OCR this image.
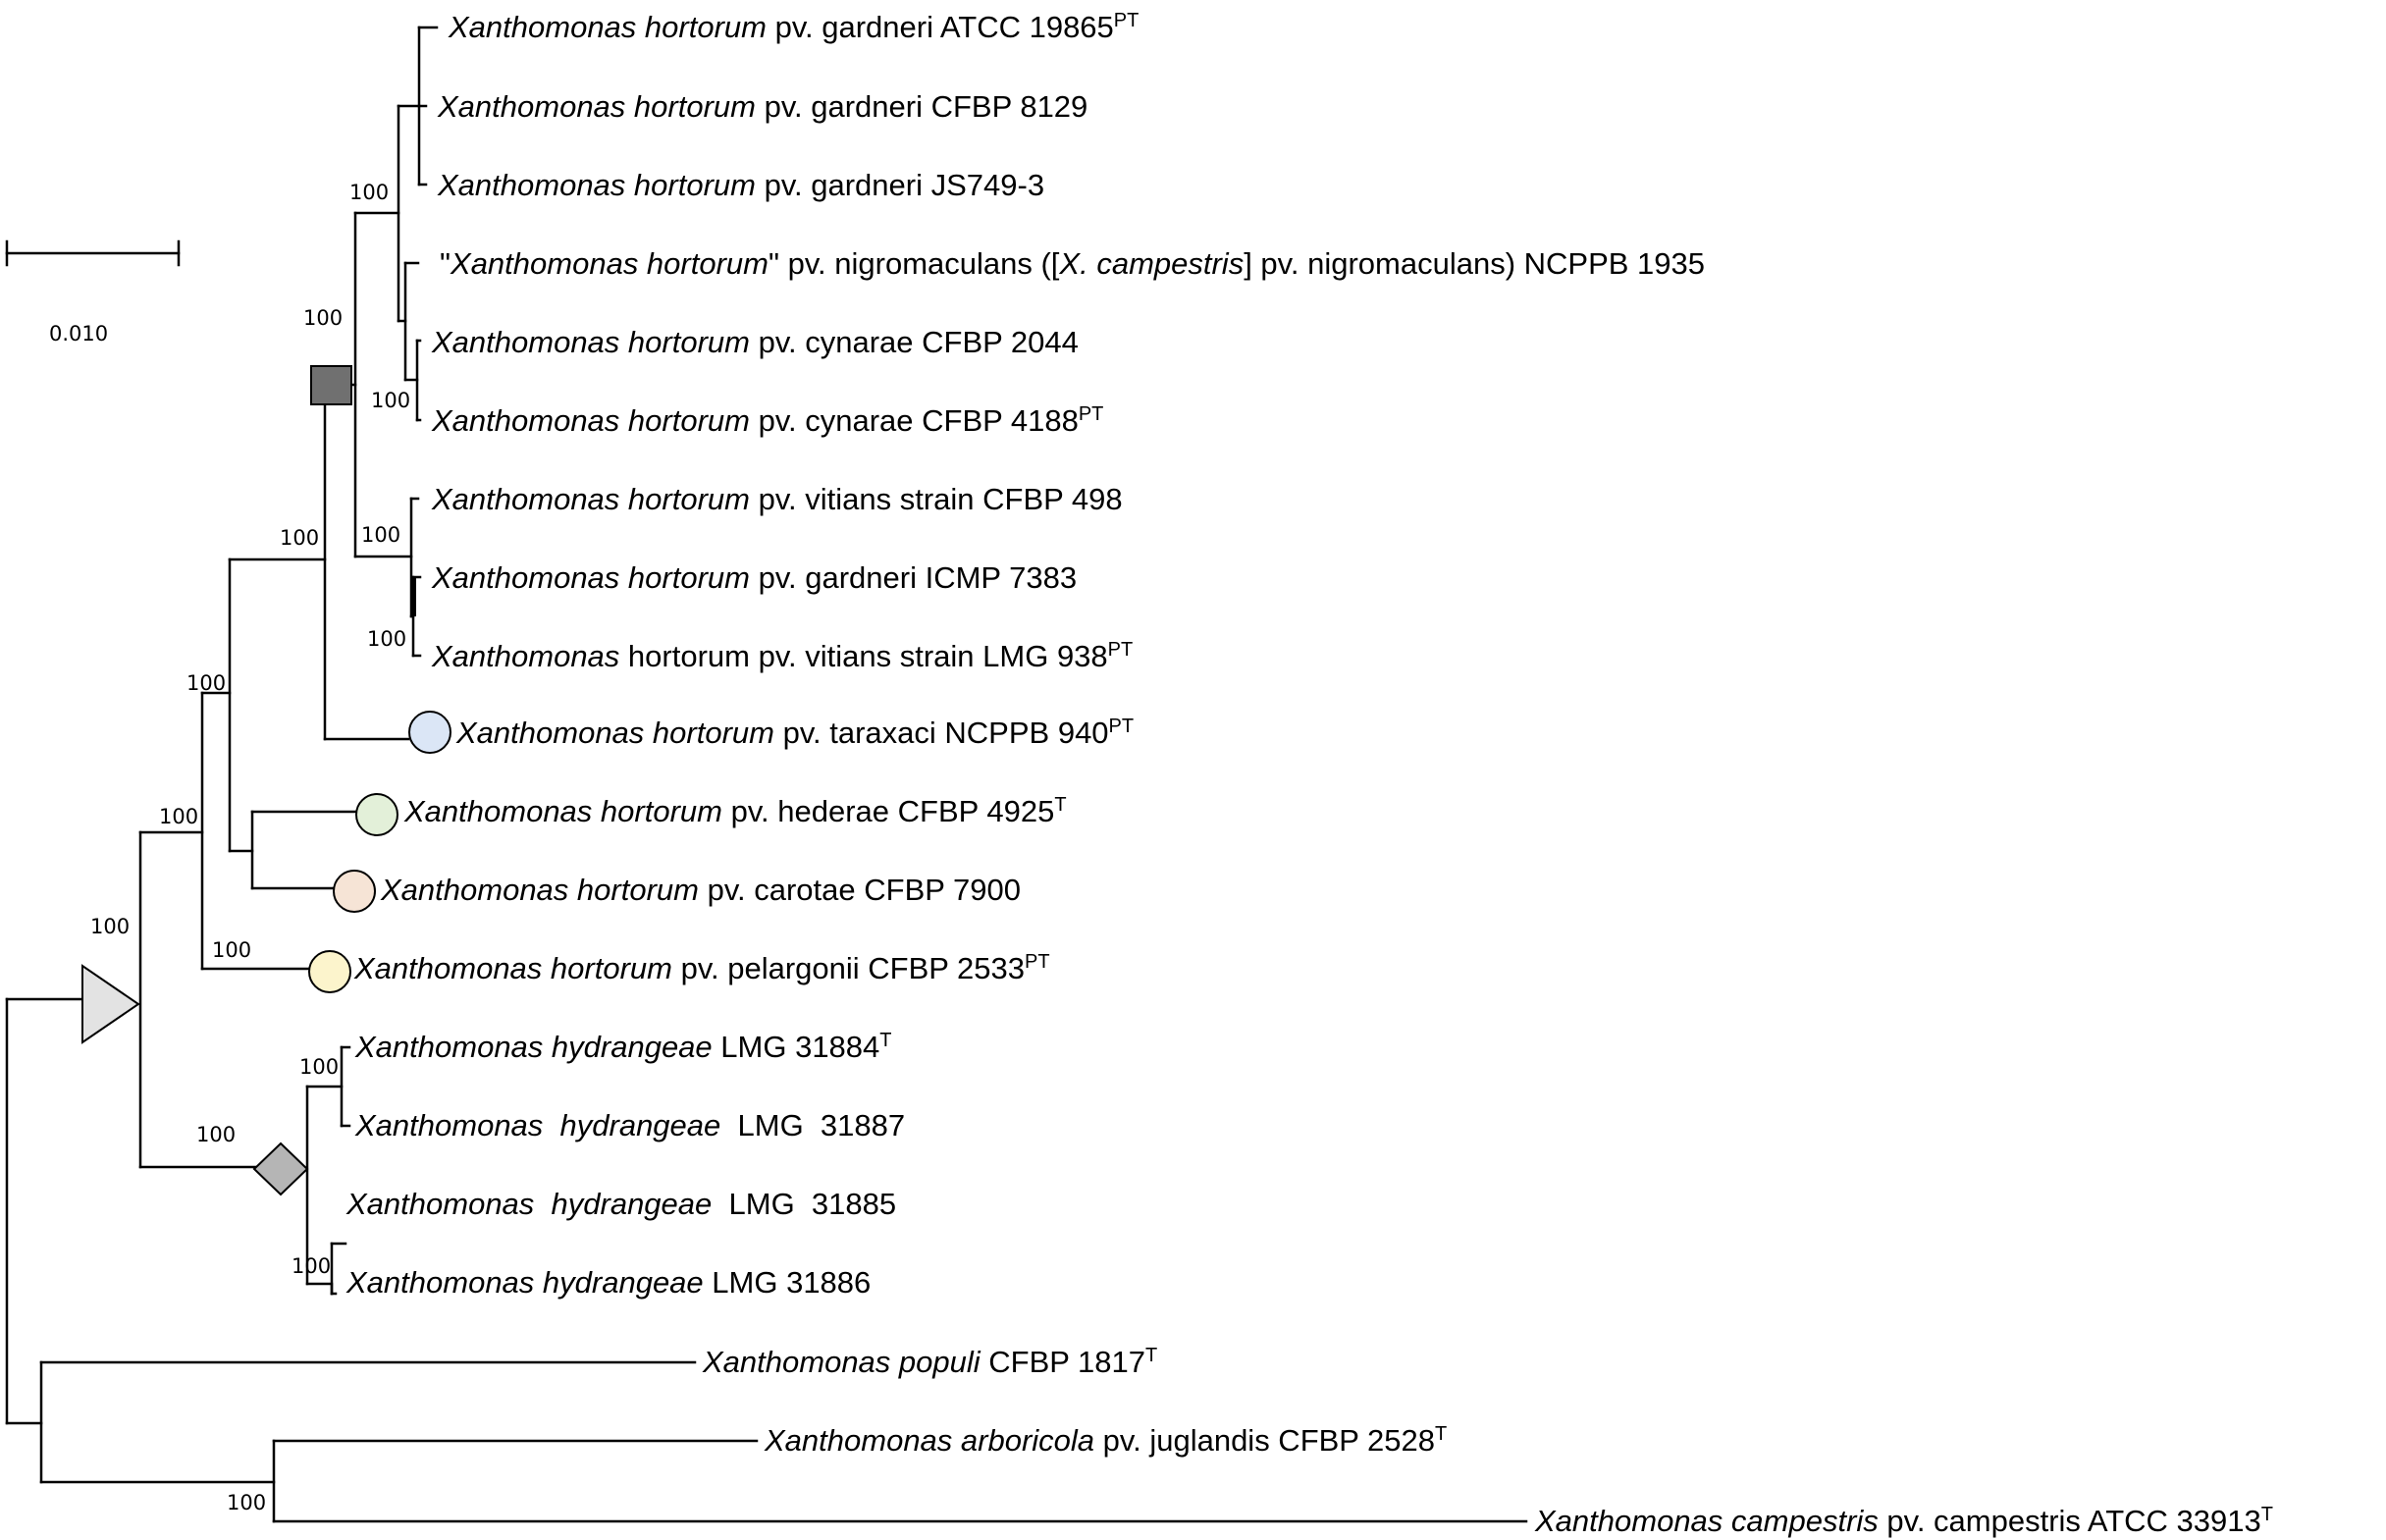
0.010
100
100
100
100
100
100
100
100
100
100
100
100
100
100
Xanthomonas hortorum pv. gardneri ATCC $19865^{PT}$
Xanthomonas hortorum pv. gardneri CFBP 8129
Xanthomonas hortorum pv. gardneri JS749-3
"Xanthomonas hortorum" pv. nigromaculans ([X. campestris] pv. nigromaculans) NCPPB 1935
Xanthomonas hortorum pv. cynarae CFBP 2044
Xanthomonas hortorum pv. cynarae CFBP $4188^{PT}$
Xanthomonas hortorum pv. vitians strain CFBP 498
Xanthomonas hortorum pv. gardneri ICMP 7383
Xanthomonas hortorum pv. vitians strain LMG $938^{PT}$
Xanthomonas hortorum pv. taraxaci NCPPB $940^{PT}$
Xanthomonas hortorum pv. hederae CFBP $4925^T$
Xanthomonas hortorum pv. carotae CFBP 7900
Xanthomonas hortorum pv. pelargonii CFBP $2533^{PT}$
Xanthomonas hydrangeae LMG $31884^T$
Xanthomonas  hydrangeae  LMG  31887
Xanthomonas  hydrangeae  LMG  31885
Xanthomonas hydrangeae LMG 31886
Xanthomonas populi CFBP $1817^T$
Xanthomonas arboricola pv. juglandis CFBP $2528^T$
Xanthomonas campestris pv. campestris ATCC $33913^T$
